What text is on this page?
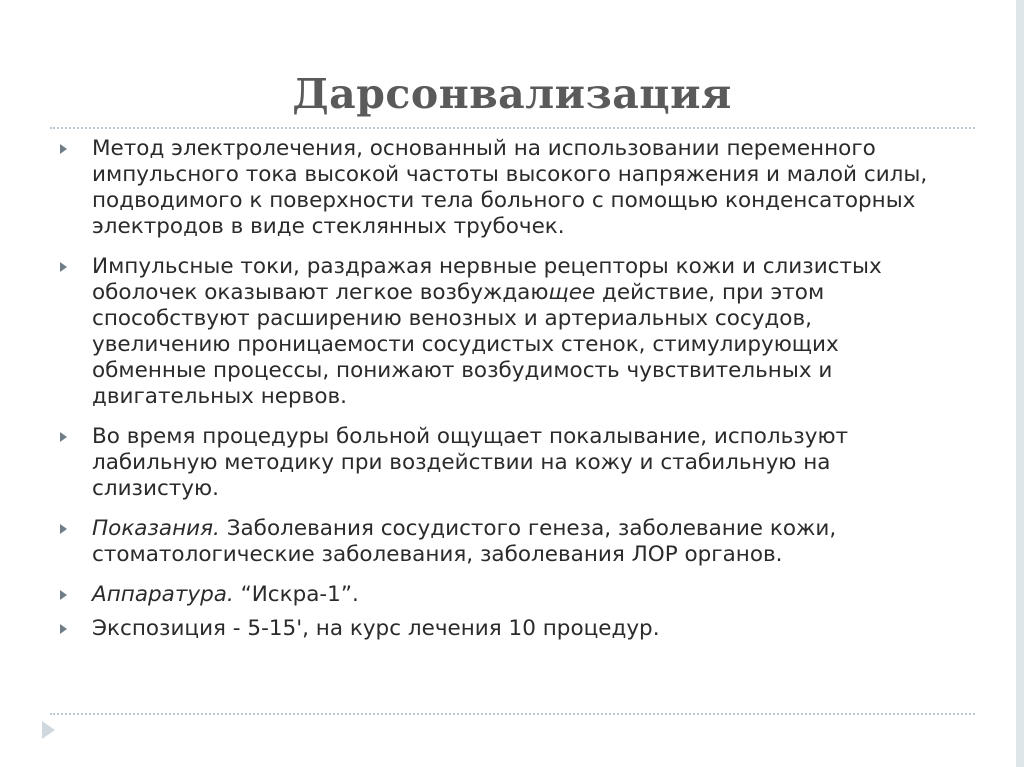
Дарсонвализация
Метод электролечения, основанный на использовании переменного импульсного тока высокой частоты высокого напряжения и малой силы, подводимого к поверхности тела больного с помощью конденсаторных электродов в виде стеклянных трубочек.
Импульсные токи, раздражая нервные рецепторы кожи и слизистых оболочек оказывают легкое возбуждающее действие, при этом способствуют расширению венозных и артериальных сосудов, увеличению проницаемости сосудистых стенок, стимулирующих обменные процессы, понижают возбудимость чувствительных и двигательных нервов.
Во время процедуры больной ощущает покалывание, используют лабильную методику при воздействии на кожу и стабильную на слизистую.
Показания. Заболевания сосудистого генеза, заболевание кожи, стоматологические заболевания, заболевания ЛОР органов.
Аппаратура. “Искра-1”.
Экспозиция - 5-15', на курс лечения 10 процедур.
